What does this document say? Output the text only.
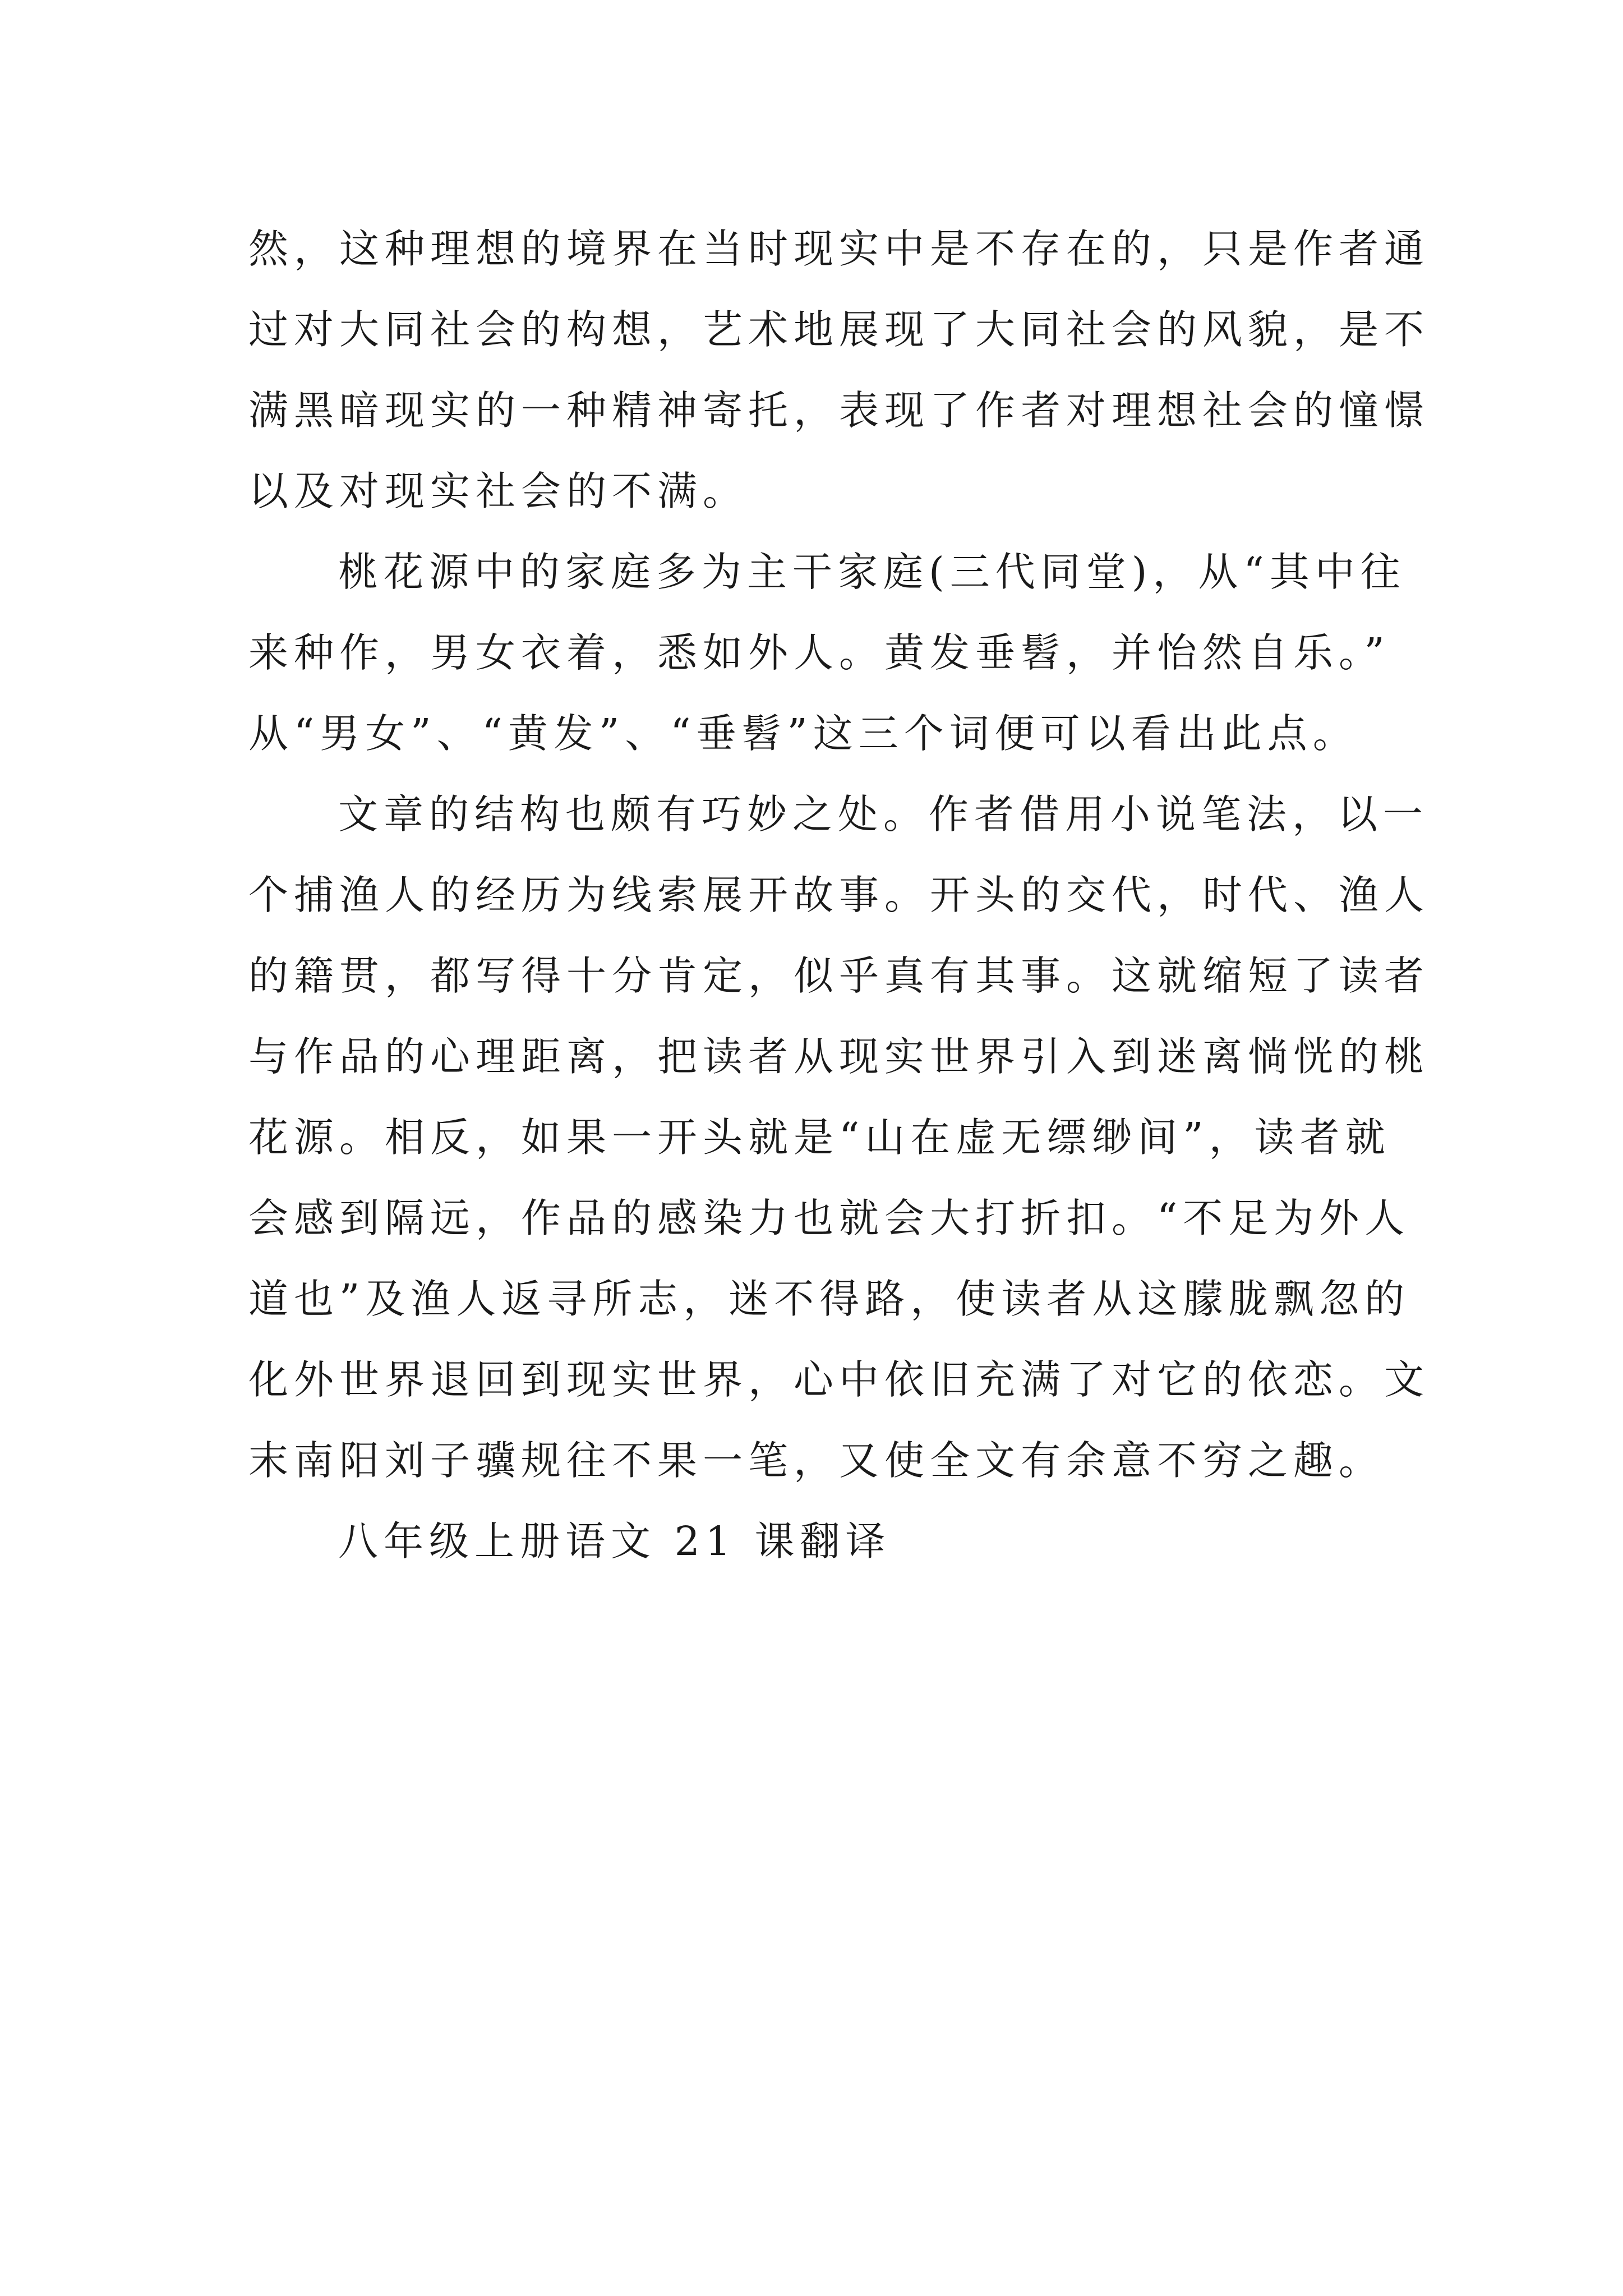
然，这种理想的境界在当时现实中是不存在的，只是作者通
过对大同社会的构想，艺术地展现了大同社会的风貌，是不
满黑暗现实的一种精神寄托，表现了作者对理想社会的憧憬
以及对现实社会的不满。
桃花源中的家庭多为主干家庭(三代同堂)，从“其中往
来种作，男女衣着，悉如外人。黄发垂髫，并怡然自乐。”
从“男女”、“黄发”、“垂髫”这三个词便可以看出此点。
文章的结构也颇有巧妙之处。作者借用小说笔法，以一
个捕渔人的经历为线索展开故事。开头的交代，时代、渔人
的籍贯，都写得十分肯定，似乎真有其事。这就缩短了读者
与作品的心理距离，把读者从现实世界引入到迷离惝恍的桃
花源。相反，如果一开头就是“山在虚无缥缈间”，读者就
会感到隔远，作品的感染力也就会大打折扣。“不足为外人
道也”及渔人返寻所志，迷不得路，使读者从这朦胧飘忽的
化外世界退回到现实世界，心中依旧充满了对它的依恋。文
末南阳刘子骥规往不果一笔，又使全文有余意不穷之趣。
八年级上册语文 21 课翻译
